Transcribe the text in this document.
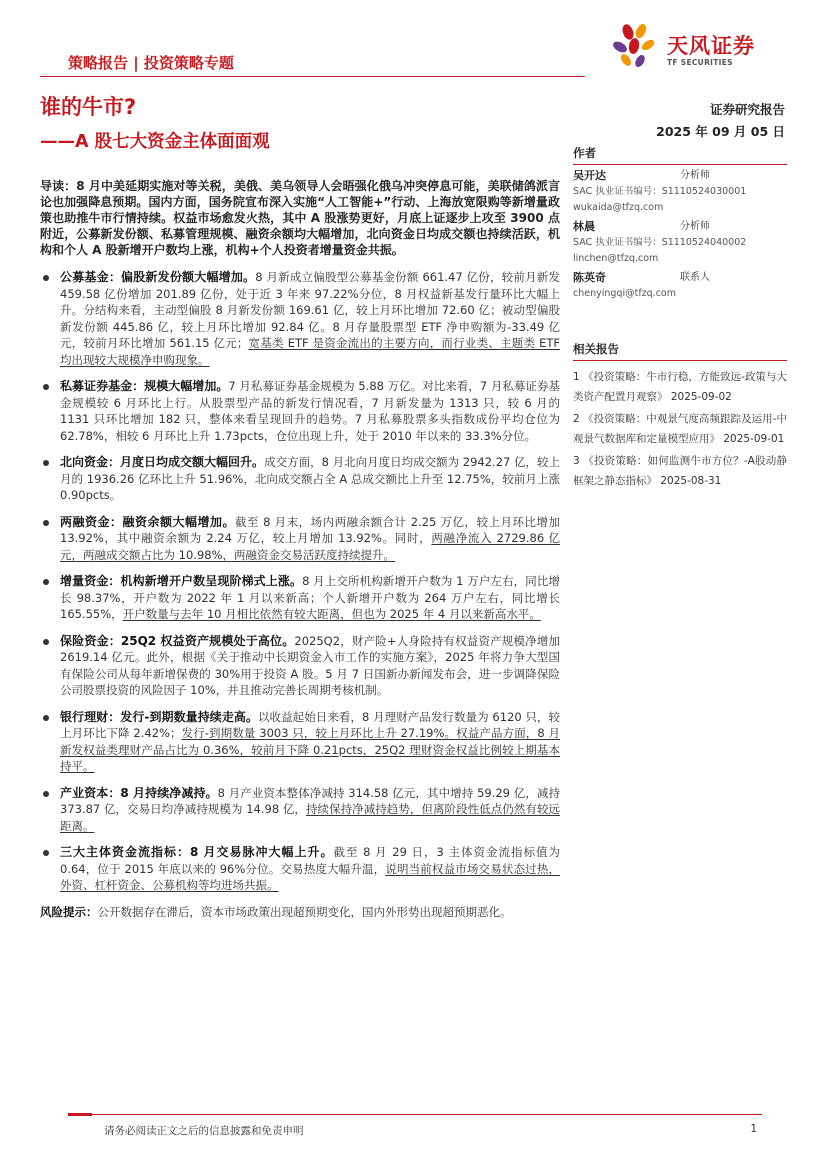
天风证券
TF SECURITIES
策略报告 | 投资策略专题
谁的牛市?
——A 股七大资金主体面面观
证券研究报告
2025 年 09 月 05 日
作者
吴开达	分析师
SAC 执业证书编号：S1110524030001
wukaida@tfzq.com
林晨	分析师
SAC 执业证书编号：S1110524040002
linchen@tfzq.com
陈英奇	联系人
chenyingqi@tfzq.com
相关报告
1 《投资策略：牛市行稳，方能致远-政策与大类资产配置月观察》 2025-09-02
2 《投资策略：中观景气度高频跟踪及运用-中观景气数据库和定量模型应用》 2025-09-01
3 《投资策略：如何监测牛市方位？-A股动静框架之静态指标》 2025-08-31

导读：8 月中美延期实施对等关税，美俄、美乌领导人会晤强化俄乌冲突停息可能，美联储鸽派言论也加强降息预期。国内方面，国务院宣布深入实施“人工智能+”行动、上海放宽限购等新增量政策也助推牛市行情持续。权益市场愈发火热，其中 A 股涨势更好，月底上证逐步上攻至 3900 点附近，公募新发份额、私募管理规模、融资余额均大幅增加，北向资金日均成交额也持续活跃，机构和个人 A 股新增开户数均上涨，机构+个人投资者增量资金共振。

公募基金：偏股新发份额大幅增加。8 月新成立偏股型公募基金份额 661.47 亿份，较前月新发 459.58 亿份增加 201.89 亿份，处于近 3 年来 97.22%分位，8 月权益新基发行量环比大幅上升。分结构来看，主动型偏股 8 月新发份额 169.61 亿，较上月环比增加 72.60 亿；被动型偏股新发份额 445.86 亿，较上月环比增加 92.84 亿。8 月存量股票型 ETF 净申购额为-33.49 亿元，较前月环比增加 561.15 亿元；宽基类 ETF 是资金流出的主要方向，而行业类、主题类 ETF 均出现较大规模净申购现象。
私募证券基金：规模大幅增加。7 月私募证券基金规模为 5.88 万亿。对比来看，7 月私募证券基金规模较 6 月环比上行。从股票型产品的新发行情况看，7 月新发量为 1313 只，较 6 月的 1131 只环比增加 182 只，整体来看呈现回升的趋势。7 月私募股票多头指数成份平均仓位为 62.78%，相较 6 月环比上升 1.73pcts，仓位出现上升，处于 2010 年以来的 33.3%分位。
北向资金：月度日均成交额大幅回升。成交方面，8 月北向月度日均成交额为 2942.27 亿，较上月的 1936.26 亿环比上升 51.96%，北向成交额占全 A 总成交额比上升至 12.75%，较前月上涨 0.90pcts。
两融资金：融资余额大幅增加。截至 8 月末，场内两融余额合计 2.25 万亿，较上月环比增加 13.92%，其中融资余额为 2.24 万亿，较上月增加 13.92%。同时，两融净流入 2729.86 亿元，两融成交额占比为 10.98%，两融资金交易活跃度持续提升。
增量资金：机构新增开户数呈现阶梯式上涨。8 月上交所机构新增开户数为 1 万户左右，同比增长 98.37%，开户数为 2022 年 1 月以来新高；个人新增开户数为 264 万户左右，同比增长 165.55%，开户数量与去年 10 月相比依然有较大距离，但也为 2025 年 4 月以来新高水平。
保险资金：25Q2 权益资产规模处于高位。2025Q2，财产险+人身险持有权益资产规模净增加 2619.14 亿元。此外，根据《关于推动中长期资金入市工作的实施方案》，2025 年将力争大型国有保险公司从每年新增保费的 30%用于投资 A 股。5 月 7 日国新办新闻发布会，进一步调降保险公司股票投资的风险因子 10%，并且推动完善长周期考核机制。
银行理财：发行-到期数量持续走高。以收益起始日来看，8 月理财产品发行数量为 6120 只，较上月环比下降 2.42%；发行-到期数量 3003 只，较上月环比上升 27.19%。权益产品方面，8 月新发权益类理财产品占比为 0.36%，较前月下降 0.21pcts，25Q2 理财资金权益比例较上期基本持平。
产业资本：8 月持续净减持。8 月产业资本整体净减持 314.58 亿元，其中增持 59.29 亿，减持 373.87 亿，交易日均净减持规模为 14.98 亿，持续保持净减持趋势，但离阶段性低点仍然有较远距离。
三大主体资金流指标：8 月交易脉冲大幅上升。截至 8 月 29 日，3 主体资金流指标值为 0.64，位于 2015 年底以来的 96%分位。交易热度大幅升温，说明当前权益市场交易状态过热，外资、杠杆资金、公募机构等均进场共振。

风险提示：公开数据存在滞后，资本市场政策出现超预期变化，国内外形势出现超预期恶化。

请务必阅读正文之后的信息披露和免责申明	1
